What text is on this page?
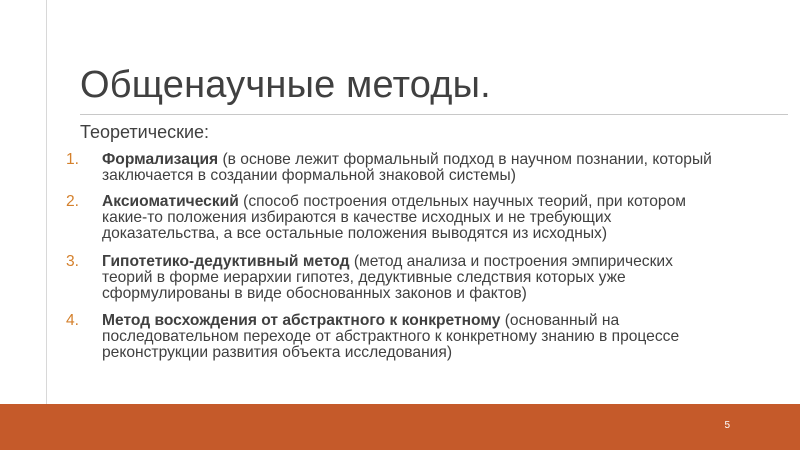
Общенаучные методы.
Теоретические:
1. Формализация (в основе лежит формальный подход в научном познании, который заключается в создании формальной знаковой системы)
2. Аксиоматический (способ построения отдельных научных теорий, при котором какие-то положения избираются в качестве исходных и не требующих доказательства, а все остальные положения выводятся из исходных)
3. Гипотетико-дедуктивный метод (метод анализа и построения эмпирических теорий в форме иерархии гипотез, дедуктивные следствия которых уже сформулированы в виде обоснованных законов и фактов)
4. Метод восхождения от абстрактного к конкретному (основанный на последовательном переходе от абстрактного к конкретному знанию в процессе реконструкции развития объекта исследования)
5
